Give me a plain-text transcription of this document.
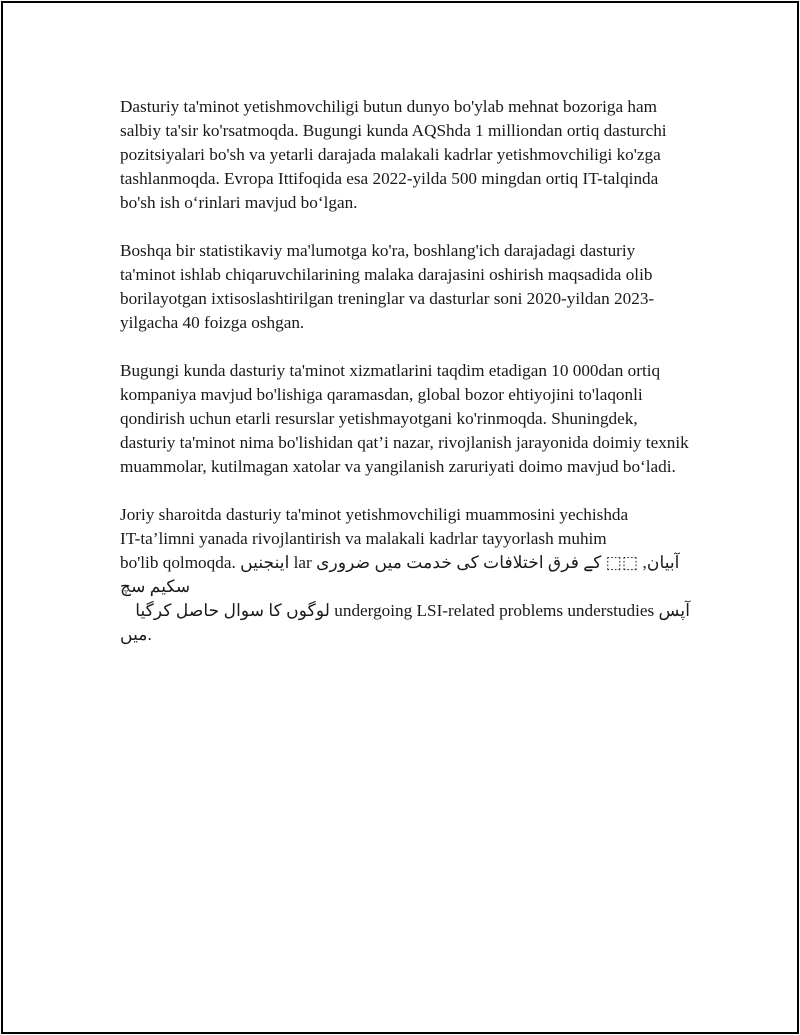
Dasturiy ta'minot yetishmovchiligi butun dunyo bo'ylab mehnat bozoriga ham salbiy ta'sir ko'rsatmoqda. Bugungi kunda AQShda 1 milliondan ortiq dasturchi pozitsiyalari bo'sh va yetarli darajada malakali kadrlar yetishmovchiligi ko'zga tashlanmoqda. Evropa Ittifoqida esa 2022-yilda 500 mingdan ortiq IT-talqinda bo'sh ish o‘rinlari mavjud bo‘lgan.

Boshqa bir statistikaviy ma'lumotga ko'ra, boshlang'ich darajadagi dasturiy ta'minot ishlab chiqaruvchilarining malaka darajasini oshirish maqsadida olib borilayotgan ixtisoslashtirilgan treninglar va dasturlar soni 2020-yildan 2023-yilgacha 40 foizga oshgan.

Bugungi kunda dasturiy ta'minot xizmatlarini taqdim etadigan 10 000dan ortiq kompaniya mavjud bo'lishiga qaramasdan, global bozor ehtiyojini to'laqonli qondirish uchun etarli resurslar yetishmayotgani ko'rinmoqda. Shuningdek, dasturiy ta'minot nima bo'lishidan qat’i nazar, rivojlanish jarayonida doimiy texnik muammolar, kutilmagan xatolar va yangilanish zaruriyati doimo mavjud bo‘ladi.

Joriy sharoitda dasturiy ta'minot yetishmovchiligi muammosini yechishda
IT-ta’limni yanada rivojlantirish va malakali kadrlar tayyorlash muhim
bo'lib qolmoqda. اینجنیں lar آبیان, ⬚⬚ کے فرق اختلافات کی خدمت میں ضروری سکیم سچ
آپس undergoing LSI-related problems understudies لوگوں کا سوال حاصل کرگیا
میں.
